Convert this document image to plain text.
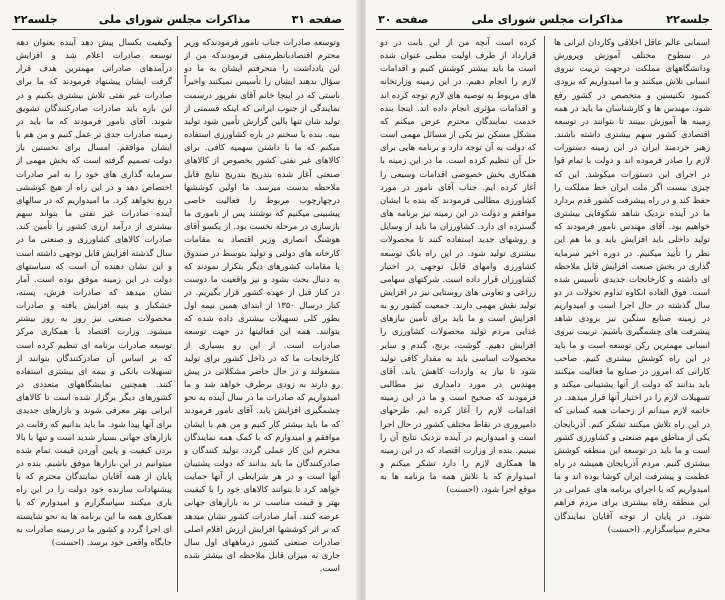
صفحه ۳۱
مذاکرات مجلس شورای ملی
جلسه۲۲

وتوسعه صادرات جناب نامور فرمودندکه وزیر محترم اقتصادبانظرمنفی فرمودندکه من از این یادداشت را منحرفتم ایشان به ما دو سؤال بدهند ایشان را تأسیس نمیکنند واخیراً ناستی که در اینجا خانم آقای نفرپور درسمت نمایندگی از جنوب ایرانی که اینکه قسمتی از تولید شان تنها بالین گزارش تأمین شود تولید بنیه. بنده یا سخنم در باره کشاورزی استفاده میکنم که ما با داشتن سهمیه کافی. برای کالاهای غیر نفتی کشور بخصوص از کالاهای صنعتی آغاز شده بتدریج بتدریج نتایج قابل ملاحظه بدست میرسد. ما اولین کوششها درچهارچوب مربوط را فعالیت خاصی پیشبینی میکنیم که نوشتند پس از ناموری ما بازسازی در مرحله نخست بود. از یکسو آقای هوشنگ انصاری وزیر اقتصاد به مقامات کارخانه های دولتی و تولید بتوسط در صندوق یا مقامات کشورهای دیگر بتکرار نمودند که به دنبال بحث بشود و نیز واقعیت ما دوست در کنار قبل از عهده کشور قرار بگیریم. در کنار درسال ۱۳۵۰ از ابتدای همین نیمه اول بطور کلی تسهیلات بیشتری داده شده که بتوانند. همه این فعالیتها در جهت توسعه صادرات است. از این رو بسیاری از کارخانجات ما که در داخل کشور برای تولید مشغولند و در حال حاضر مشکلاتی در پیش رو دارند به زودی برطرف خواهد شد و ما امیدواریم که صادرات ما در سال آینده به نحو چشمگیری افزایش یابد. آقای نامور فرمودند که ما باید بیشتر کار کنیم و من هم با ایشان موافقم و امیدوارم که با کمک همه نمایندگان محترم این کار عملی گردد. تولید کنندگان و صادرکنندگان ما باید بدانند که دولت پشتیبان آنها است و در هر شرایطی از آنها حمایت خواهد کرد تا بتوانند کالاهای خود را با کیفیت بهتر و قیمت مناسب تر به بازارهای جهانی عرضه کنند. آمار صادرات کشور نشان میدهد که بر اثر کوششها افزایش ارزش اقلام اصلی صادرات صنعتی کشور درماههای اول سال جاری به میزان قابل ملاحظه ای بیشتر شده است.

وکیفیت یکسال پیش دهد آینده بعنوان دهه توسعه صادرات اعلام شد و افزایش درآمدهای صادراتی مهمترین هدف قرار گرفت ایشان پیشنهاد فرمودند که ما برای صادرات غیر نفتی تلاش بیشتری بکنیم و در این باره باید صادرات صادرکنندگان تشویق شوند. آقای نامور فرمودند که ما باید در زمینه صادرات جدی تر عمل کنیم و من هم با ایشان موافقم. امسال برای نخستین بار دولت تصمیم گرفته است که بخش مهمی از سرمایه گذاری های خود را به امر صادرات اختصاص دهد و در این راه از هیچ کوششی دریغ نخواهد کرد. ما امیدواریم که در سالهای آینده صادرات غیر نفتی ما بتواند سهم بیشتری از درآمد ارزی کشور را تأمین کند. صادرات کالاهای کشاورزی و صنعتی ما در سال گذشته افزایش قابل توجهی داشته است و این نشان دهنده آن است که سیاستهای دولت در این زمینه موفق بوده است. آمار نشان میدهد که صادرات فرش، پسته، خشکبار و پنبه افزایش یافته و صادرات محصولات صنعتی نیز روز به روز بیشتر میشود. وزارت اقتصاد با همکاری مرکز توسعه صادرات برنامه ای تنظیم کرده است که بر اساس آن صادرکنندگان بتوانند از تسهیلات بانکی و بیمه ای بیشتری استفاده کنند. همچنین نمایشگاههای متعددی در کشورهای دیگر برگزار شده است تا کالاهای ایرانی بهتر معرفی شوند و بازارهای جدیدی برای آنها پیدا شود. ما باید بدانیم که رقابت در بازارهای جهانی بسیار شدید است و تنها با بالا بردن کیفیت و پایین آوردن قیمت تمام شده میتوانیم در این بازارها موفق باشیم. بنده در پایان از همه آقایان نمایندگان محترم که با پیشنهادات سازنده خود دولت را در این راه یاری میکنند سپاسگزارم و امیدوارم که با همکاری همه ما این برنامه ها به نحو شایسته ای اجرا گردد و کشور ما در زمینه صادرات به جایگاه واقعی خود برسد. (احسنت)

جلسه۲۲
مذاکرات مجلس شورای ملی
صفحه ۳۰

اسمانی عالم عاقل اخلاقی وکاردان ایرانی ها در سطوح مختلف آموزش وپرورش ودانشگاههای مملکت درجهت تربیت نیروی انسانی تلاش میکنند و ما امیدواریم که بزودی کمبود تکنیسین و متخصص در کشور رفع شود. مهندس ها و کارشناسان ما باید در همه زمینه ها آموزش ببینند تا بتوانند در توسعه اقتصادی کشور سهم بیشتری داشته باشند. رهبر خردمند ایران در این زمینه دستورات لازم را صادر فرموده اند و دولت با تمام قوا در اجرای این دستورات میکوشد. این که چیزی بیست اگر ملت ایران خط مملکت را حفظ کند و در راه پیشرفت کشور قدم بردارد ما در آینده نزدیک شاهد شکوفایی بیشتری خواهیم بود. آقای مهندس نامور فرمودند که تولید داخلی باید افزایش یابد و ما هم این نظر را تأیید میکنیم. در دوره اخیر سرمایه گذاری در بخش صنعت افزایش قابل ملاحظه ای داشته و کارخانجات جدیدی تأسیس شده است. فوق العاده انکاوه تداوم تحولات در دو سال گذشته در حال اجرا است و امیدواریم در زمینه صنایع سنگین نیز بزودی شاهد پیشرفت های چشمگیری باشیم. تربیت نیروی انسانی مهمترین رکن توسعه است و ما باید در این راه کوشش بیشتری کنیم. صاحب کارانی که امروز در صنایع ما فعالیت میکنند باید بدانند که دولت از آنها پشتیبانی میکند و تسهیلات لازم را در اختیار آنها قرار میدهد. در خاتمه لازم میدانم از زحمات همه کسانی که در این راه تلاش میکنند تشکر کنم. آذربایجان یکی از مناطق مهم صنعتی و کشاورزی کشور است و ما باید در توسعه این منطقه کوشش بیشتری کنیم. مردم آذربایجان همیشه در راه عظمت و پیشرفت ایران کوشا بوده اند و ما امیدواریم که با اجرای برنامه های عمرانی در این منطقه رفاه بیشتری برای مردم فراهم شود. در پایان از توجه آقایان نمایندگان محترم سپاسگزارم. (احسنت)

کرده است آنچه من از این بابت در دو قرارداد از طرف اولیت مطبی عنوان شده است ما باید بیشتر کوشش کنیم و اقدامات لازم را انجام دهیم. در این زمینه وزارتخانه های مربوط به توصیه های لازم توجه کرده اند و اقدامات مؤثری انجام داده اند. اینجا بنده خدمت نمایندگان محترم عرض میکنم که مشکل مسکن نیز یکی از مسائل مهمی است که دولت به آن توجه دارد و برنامه هایی برای حل آن تنظیم کرده است. ما در این زمینه با همکاری بخش خصوصی اقدامات وسیعی را آغاز کرده ایم. جناب آقای نامور در مورد کشاورزی مطالبی فرمودند که بنده با ایشان موافقم و دولت در این زمینه نیز برنامه های گسترده ای دارد. کشاورزان ما باید از وسایل و روشهای جدید استفاده کنند تا محصولات بیشتری تولید شود. در این راه بانک توسعه کشاورزی وامهای قابل توجهی در اختیار کشاورزان قرار داده است. شرکتهای سهامی زراعی و تعاونی های روستایی نیز در افزایش تولید نقش مهمی دارند. جمعیت کشور رو به افزایش است و ما باید برای تأمین نیازهای غذایی مردم تولید محصولات کشاورزی را افزایش دهیم. گوشت، برنج، گندم و سایر محصولات اساسی باید به مقدار کافی تولید شود تا نیاز به واردات کاهش یابد. آقای مهندس در مورد دامداری نیز مطالبی فرمودند که صحیح است و ما در این زمینه اقدامات لازم را آغاز کرده ایم. طرحهای دامپروری در نقاط مختلف کشور در حال اجرا است و امیدواریم در آینده نزدیک نتایج آن را ببینیم. بنده از وزارت اقتصاد که در این زمینه ها همکاری لازم را دارد تشکر میکنم و امیدوارم که با تلاش همه ما برنامه ها به موقع اجرا شود. (احسنت)
